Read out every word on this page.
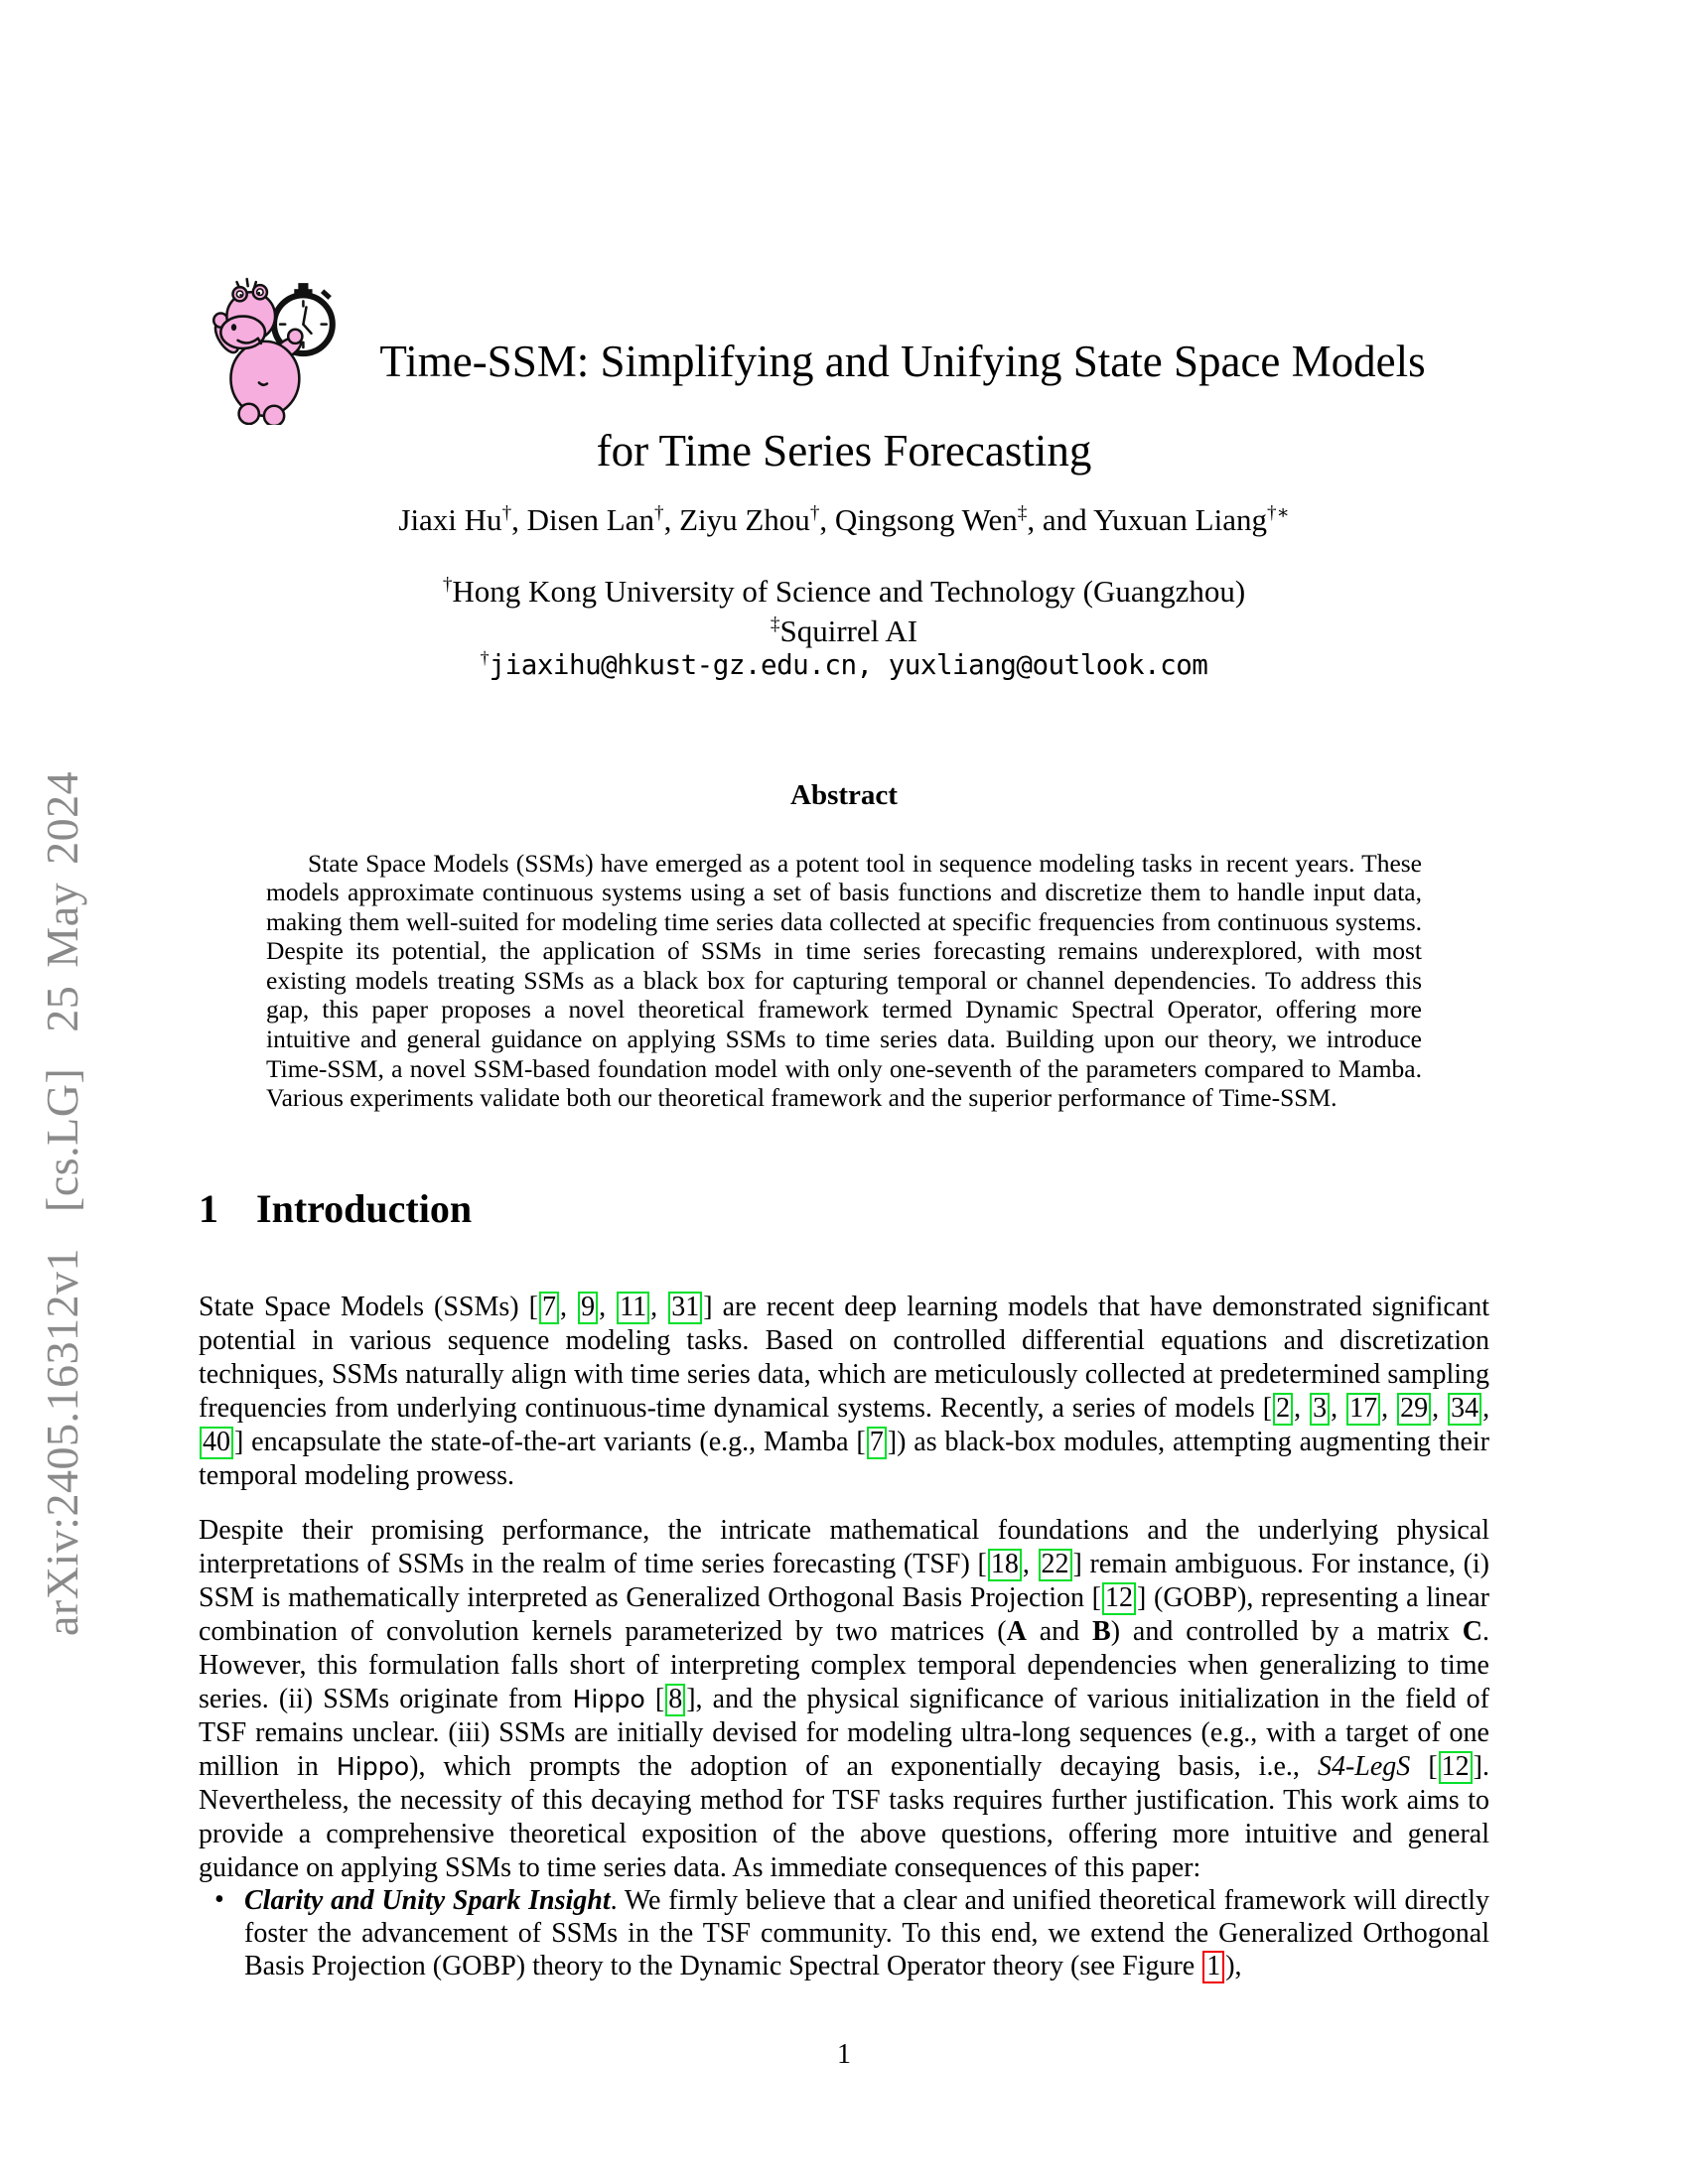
arXiv:2405.16312v1  [cs.LG]  25 May 2024
Time-SSM: Simplifying and Unifying State Space Models
for Time Series Forecasting
Jiaxi Hu†, Disen Lan†, Ziyu Zhou†, Qingsong Wen‡, and Yuxuan Liang†∗
†Hong Kong University of Science and Technology (Guangzhou)
‡Squirrel AI
†jiaxihu@hkust-gz.edu.cn, yuxliang@outlook.com
Abstract

State Space Models (SSMs) have emerged as a potent tool in sequence modeling tasks in recent years. These models approximate continuous systems using a set of basis functions and discretize them to handle input data, making them well-suited for modeling time series data collected at specific frequencies from continuous systems. Despite its potential, the application of SSMs in time series forecasting remains underexplored, with most existing models treating SSMs as a black box for capturing temporal or channel dependencies. To address this gap, this paper proposes a novel theoretical framework termed Dynamic Spectral Operator, offering more intuitive and general guidance on applying SSMs to time series data. Building upon our theory, we introduce Time-SSM, a novel SSM-based foundation model with only one-seventh of the parameters compared to Mamba. Various experiments validate both our theoretical framework and the superior performance of Time-SSM.

1 Introduction

State Space Models (SSMs) [ 7 , 9 , 11 , 31 ] are recent deep learning models that have demonstrated significant potential in various sequence modeling tasks. Based on controlled differential equations and discretization techniques, SSMs naturally align with time series data, which are meticulously collected at predetermined sampling frequencies from underlying continuous-time dynamical systems. Recently, a series of models [ 2 , 3 , 17 , 29 , 34 , 40 ] encapsulate the state-of-the-art variants (e.g., Mamba [ 7 ]) as black-box modules, attempting augmenting their temporal modeling prowess.

Despite their promising performance, the intricate mathematical foundations and the underlying physical interpretations of SSMs in the realm of time series forecasting (TSF) [ 18 , 22 ] remain ambiguous. For instance, (i) SSM is mathematically interpreted as Generalized Orthogonal Basis Projection [ 12 ] (GOBP), representing a linear combination of convolution kernels parameterized by two matrices (A and B) and controlled by a matrix C. However, this formulation falls short of interpreting complex temporal dependencies when generalizing to time series. (ii) SSMs originate from Hippo [ 8 ], and the physical significance of various initialization in the field of TSF remains unclear. (iii) SSMs are initially devised for modeling ultra-long sequences (e.g., with a target of one million in Hippo), which prompts the adoption of an exponentially decaying basis, i.e., S4-LegS [ 12 ]. Nevertheless, the necessity of this decaying method for TSF tasks requires further justification. This work aims to provide a comprehensive theoretical exposition of the above questions, offering more intuitive and general guidance on applying SSMs to time series data. As immediate consequences of this paper:

• Clarity and Unity Spark Insight. We firmly believe that a clear and unified theoretical framework will directly foster the advancement of SSMs in the TSF community. To this end, we extend the Generalized Orthogonal Basis Projection (GOBP) theory to the Dynamic Spectral Operator theory (see Figure 1 ),
1
